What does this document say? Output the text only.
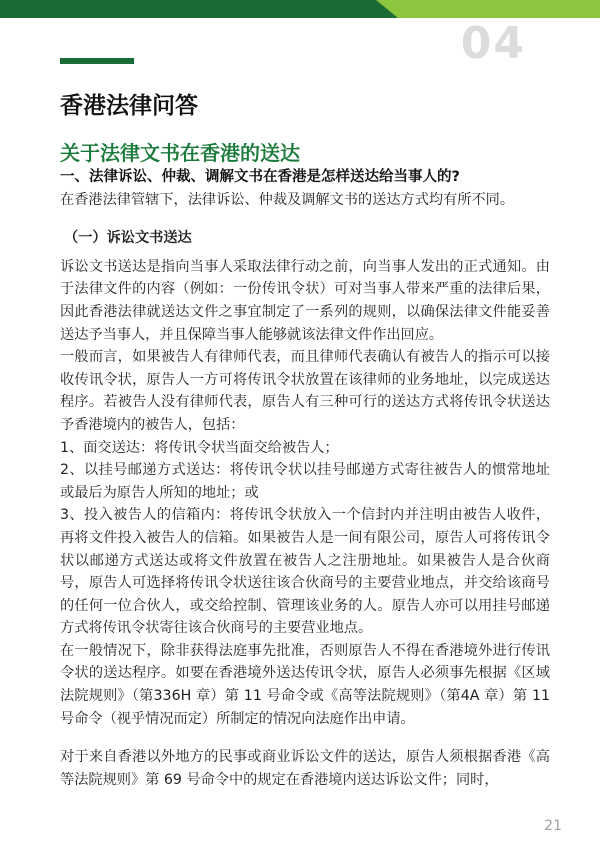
04
香港法律问答
关于法律文书在香港的送达

一、法律诉讼、仲裁、调解文书在香港是怎样送达给当事人的?

在香港法律管辖下，法律诉讼、仲裁及调解文书的送达方式均有所不同。

（一）诉讼文书送达

诉讼文书送达是指向当事人采取法律行动之前，向当事人发出的正式通知。由于法律文件的内容（例如：一份传讯令状）可对当事人带来严重的法律后果，因此香港法律就送达文件之事宜制定了一系列的规则，以确保法律文件能妥善送达予当事人，并且保障当事人能够就该法律文件作出回应。

一般而言，如果被告人有律师代表，而且律师代表确认有被告人的指示可以接收传讯令状，原告人一方可将传讯令状放置在该律师的业务地址，以完成送达程序。若被告人没有律师代表，原告人有三种可行的送达方式将传讯令状送达予香港境内的被告人，包括：

1、面交送达：将传讯令状当面交给被告人；

2、以挂号邮递方式送达：将传讯令状以挂号邮递方式寄往被告人的惯常地址或最后为原告人所知的地址；或

3、投入被告人的信箱内：将传讯令状放入一个信封内并注明由被告人收件，再将文件投入被告人的信箱。如果被告人是一间有限公司，原告人可将传讯令状以邮递方式送达或将文件放置在被告人之注册地址。如果被告人是合伙商号，原告人可选择将传讯令状送往该合伙商号的主要营业地点，并交给该商号的任何一位合伙人，或交给控制、管理该业务的人。原告人亦可以用挂号邮递方式将传讯令状寄往该合伙商号的主要营业地点。

在一般情况下，除非获得法庭事先批准，否则原告人不得在香港境外进行传讯令状的送达程序。如要在香港境外送达传讯令状，原告人必须事先根据《区域法院规则》（第336H 章）第 11 号命令或《高等法院规则》（第4A 章）第 11 号命令（视乎情况而定）所制定的情况向法庭作出申请。

对于来自香港以外地方的民事或商业诉讼文件的送达，原告人须根据香港《高等法院规则》第 69 号命令中的规定在香港境内送达诉讼文件；同时，

21
